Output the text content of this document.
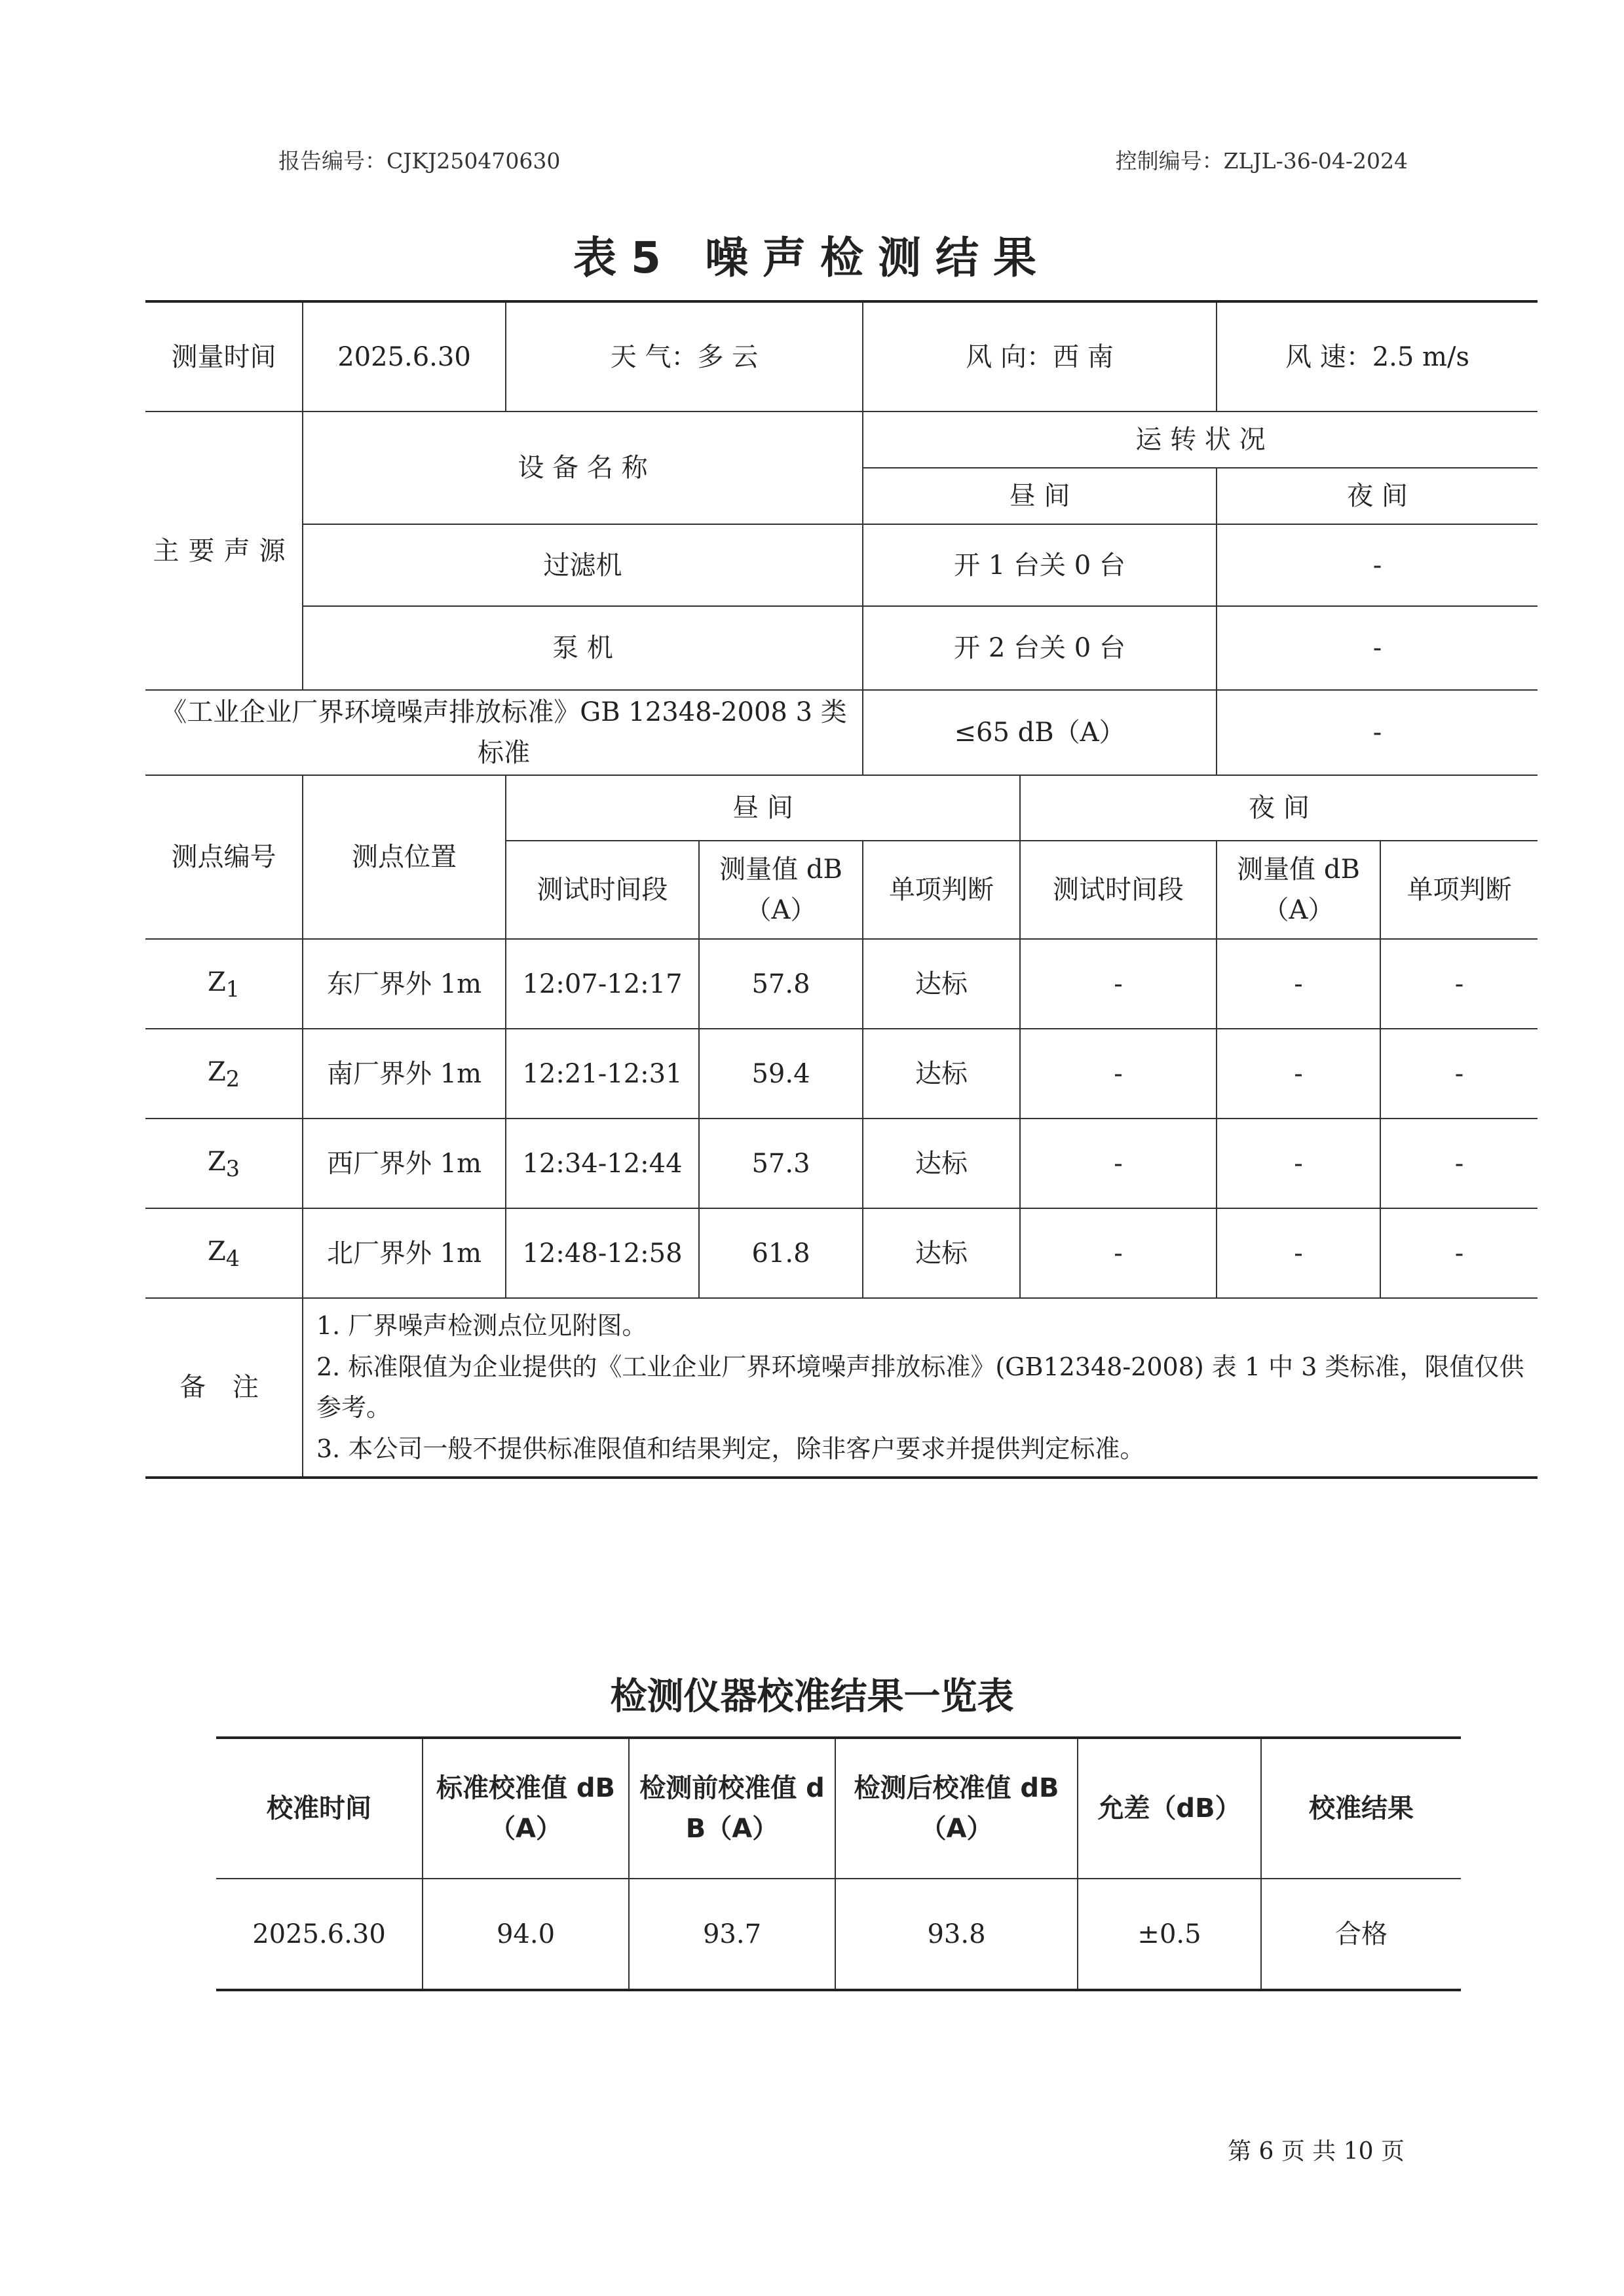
报告编号：CJKJ250470630	控制编号：ZLJL-36-04-2024
表5 噪声检测结果
测量时间	2025.6.30	天 气：多 云		风 向：西 南		风 速：2.5 m/s	
主要声源	设 备 名 称			运 转 状 况			
				昼 间		夜 间	
	过滤机			开 1 台关 0 台		-	
	泵 机			开 2 台关 0 台		-	
《工业企业厂界环境噪声排放标准》GB 12348-2008 3 类标准				≤65 dB（A）		-	
测点编号	测点位置	昼 间			夜 间		
		测试时间段	测量值 dB（A）	单项判断	测试时间段	测量值 dB（A）	单项判断
$Z_1$	东厂界外 1m	12:07-12:17	57.8	达标	-	-	-
$Z_2$	南厂界外 1m	12:21-12:31	59.4	达标	-	-	-
$Z_3$	西厂界外 1m	12:34-12:44	57.3	达标	-	-	-
$Z_4$	北厂界外 1m	12:48-12:58	61.8	达标	-	-	-
备 注	1. 厂界噪声检测点位见附图。
2. 标准限值为企业提供的《工业企业厂界环境噪声排放标准》(GB12348-2008) 表 1 中 3 类标准，限值仅供参考。
3. 本公司一般不提供标准限值和结果判定，除非客户要求并提供判定标准。						
检测仪器校准结果一览表
校准时间	标准校准值 dB（A）	检测前校准值 dB（A）	检测后校准值 dB（A）	允差（dB）	校准结果
2025.6.30	94.0	93.7	93.8	±0.5	合格
第 6 页 共 10 页
